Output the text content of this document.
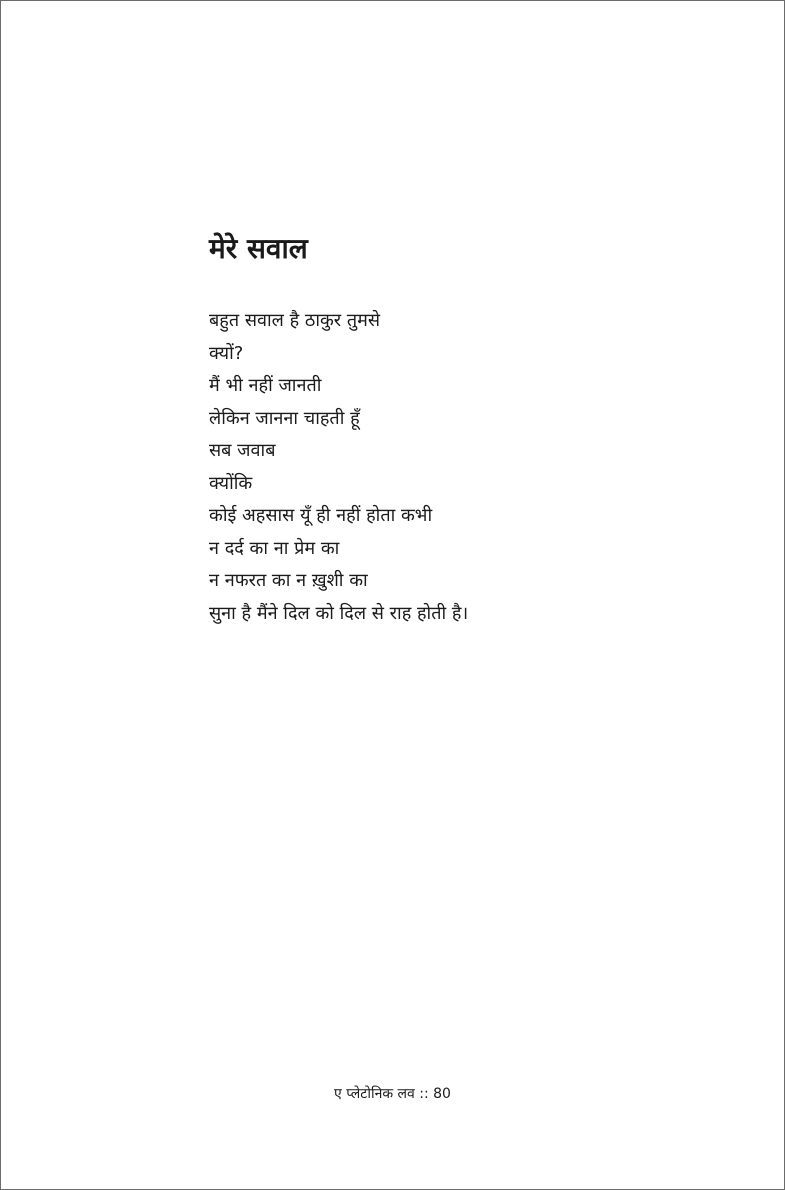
मेरे सवाल
बहुत सवाल है ठाकुर तुमसे
क्यों?
मैं भी नहीं जानती
लेकिन जानना चाहती हूँ
सब जवाब
क्योंकि
कोई अहसास यूँ ही नहीं होता कभी
न दर्द का ना प्रेम का
न नफरत का न ख़ुशी का
सुना है मैंने दिल को दिल से राह होती है।
ए प्लेटोनिक लव :: 80
